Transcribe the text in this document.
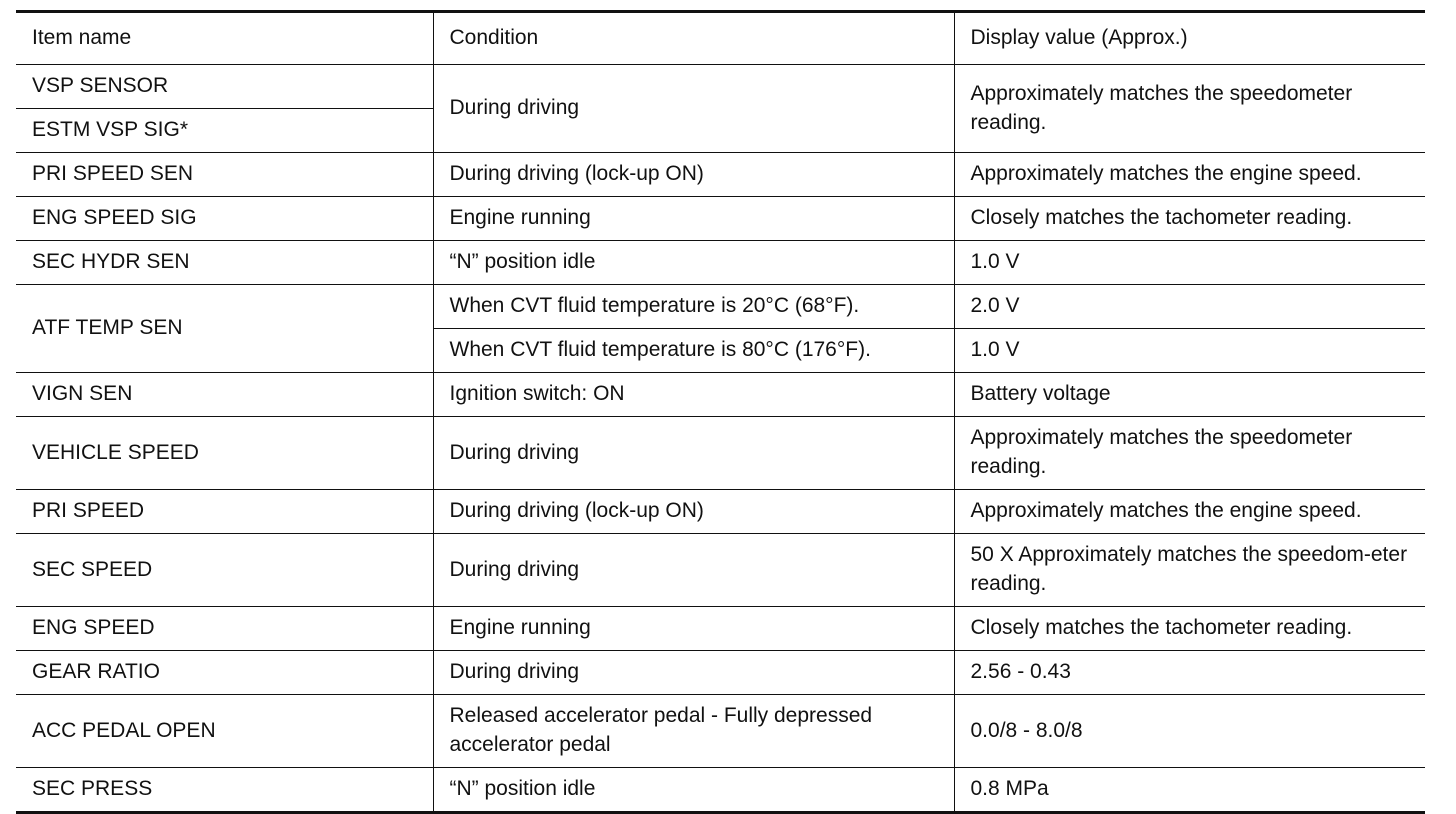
Item name	Condition	Display value (Approx.)
VSP SENSOR	During driving	Approximately matches the speedometer reading.
ESTM VSP SIG*		
PRI SPEED SEN	During driving (lock-up ON)	Approximately matches the engine speed.
ENG SPEED SIG	Engine running	Closely matches the tachometer reading.
SEC HYDR SEN	“N” position idle	1.0 V
ATF TEMP SEN	When CVT fluid temperature is 20°C (68°F).	2.0 V
	When CVT fluid temperature is 80°C (176°F).	1.0 V
VIGN SEN	Ignition switch: ON	Battery voltage
VEHICLE SPEED	During driving	Approximately matches the speedometer reading.
PRI SPEED	During driving (lock-up ON)	Approximately matches the engine speed.
SEC SPEED	During driving	50 X Approximately matches the speedom-eter reading.
ENG SPEED	Engine running	Closely matches the tachometer reading.
GEAR RATIO	During driving	2.56 - 0.43
ACC PEDAL OPEN	Released accelerator pedal - Fully depressed accelerator pedal	0.0/8 - 8.0/8
SEC PRESS	“N” position idle	0.8 MPa
